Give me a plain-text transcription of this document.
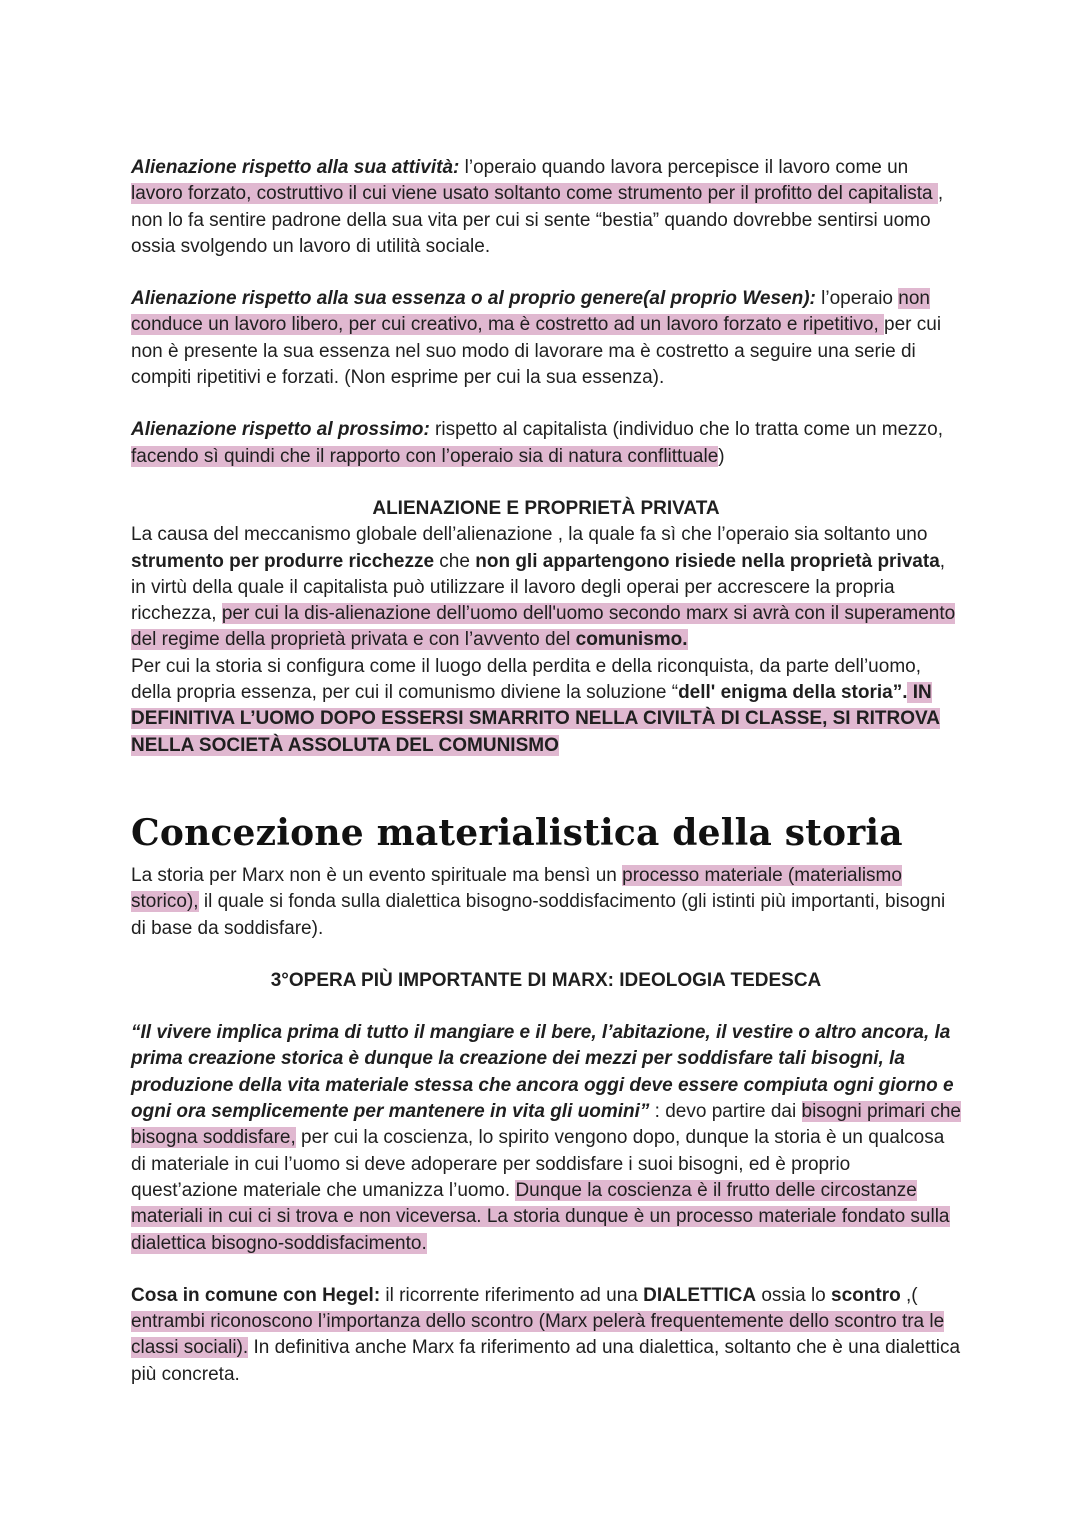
Alienazione rispetto alla sua attività: l’operaio quando lavora percepisce il lavoro come un lavoro forzato, costruttivo il cui viene usato soltanto come strumento per il profitto del capitalista , non lo fa sentire padrone della sua vita per cui si sente “bestia” quando dovrebbe sentirsi uomo ossia svolgendo un lavoro di utilità sociale.

Alienazione rispetto alla sua essenza o al proprio genere(al proprio Wesen): l’operaio non conduce un lavoro libero, per cui creativo, ma è costretto ad un lavoro forzato e ripetitivo, per cui non è presente la sua essenza nel suo modo di lavorare ma è costretto a seguire una serie di compiti ripetitivi e forzati. (Non esprime per cui la sua essenza).

Alienazione rispetto al prossimo: rispetto al capitalista (individuo che lo tratta come un mezzo, facendo sì quindi che il rapporto con l’operaio sia di natura conflittuale)

ALIENAZIONE E PROPRIETÀ PRIVATA

La causa del meccanismo globale dell’alienazione , la quale fa sì che l’operaio sia soltanto uno strumento per produrre ricchezze che non gli appartengono risiede nella proprietà privata, in virtù della quale il capitalista può utilizzare il lavoro degli operai per accrescere la propria ricchezza, per cui la dis-alienazione dell’uomo dell'uomo secondo marx si avrà con il superamento del regime della proprietà privata e con l’avvento del comunismo.

Per cui la storia si configura come il luogo della perdita e della riconquista, da parte dell’uomo, della propria essenza, per cui il comunismo diviene la soluzione “dell' enigma della storia”. IN DEFINITIVA L’UOMO DOPO ESSERSI SMARRITO NELLA CIVILTÀ DI CLASSE, SI RITROVA NELLA SOCIETÀ ASSOLUTA DEL COMUNISMO

Concezione materialistica della storia

La storia per Marx non è un evento spirituale ma bensì un processo materiale (materialismo storico), il quale si fonda sulla dialettica bisogno-soddisfacimento (gli istinti più importanti, bisogni di base da soddisfare).

3°OPERA PIÙ IMPORTANTE DI MARX: IDEOLOGIA TEDESCA

“Il vivere implica prima di tutto il mangiare e il bere, l’abitazione, il vestire o altro ancora, la prima creazione storica è dunque la creazione dei mezzi per soddisfare tali bisogni, la produzione della vita materiale stessa che ancora oggi deve essere compiuta ogni giorno e ogni ora semplicemente per mantenere in vita gli uomini” : devo partire dai bisogni primari che bisogna soddisfare, per cui la coscienza, lo spirito vengono dopo, dunque la storia è un qualcosa di materiale in cui l’uomo si deve adoperare per soddisfare i suoi bisogni, ed è proprio quest’azione materiale che umanizza l’uomo. Dunque la coscienza è il frutto delle circostanze materiali in cui ci si trova e non viceversa. La storia dunque è un processo materiale fondato sulla dialettica bisogno-soddisfacimento.

Cosa in comune con Hegel: il ricorrente riferimento ad una DIALETTICA ossia lo scontro ,( entrambi riconoscono l’importanza dello scontro (Marx pelerà frequentemente dello scontro tra le classi sociali). In definitiva anche Marx fa riferimento ad una dialettica, soltanto che è una dialettica più concreta.
